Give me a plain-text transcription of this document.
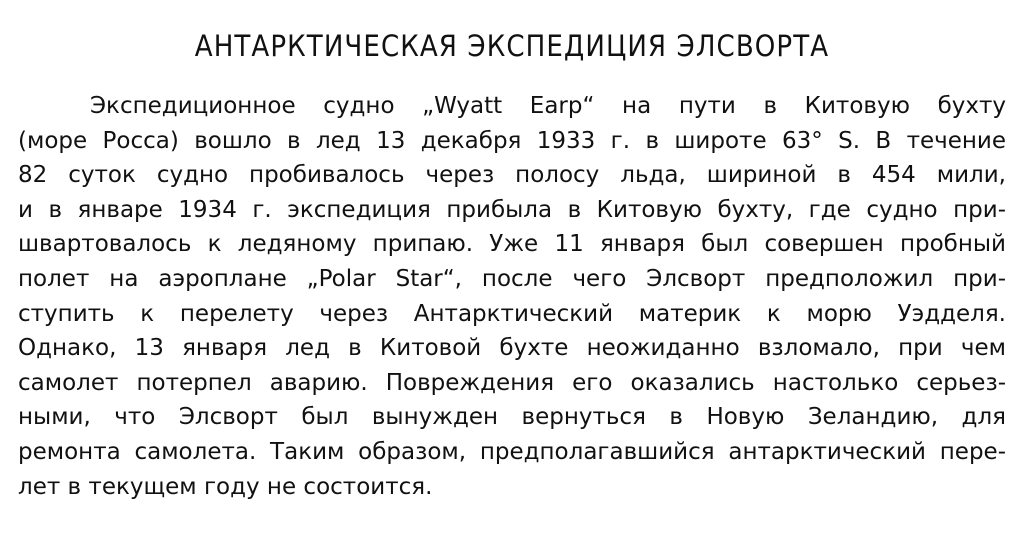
АНТАРКТИЧЕСКАЯ ЭКСПЕДИЦИЯ ЭЛСВОРТА
Экспедиционное судно „Wyatt Earp“ на пути в Китовую бухту
(море Росса) вошло в лед 13 декабря 1933 г. в широте 63° S. В течение
82 суток судно пробивалось через полосу льда, шириной в 454 мили,
и в январе 1934 г. экспедиция прибыла в Китовую бухту, где судно при-
швартовалось к ледяному припаю. Уже 11 января был совершен пробный
полет на аэроплане „Polar Star“, после чего Элсворт предположил при-
ступить к перелету через Антарктический материк к морю Уэдделя.
Однако, 13 января лед в Китовой бухте неожиданно взломало, при чем
самолет потерпел аварию. Повреждения его оказались настолько серьез-
ными, что Элсворт был вынужден вернуться в Новую Зеландию, для
ремонта самолета. Таким образом, предполагавшийся антарктический пере-
лет в текущем году не состоится.
